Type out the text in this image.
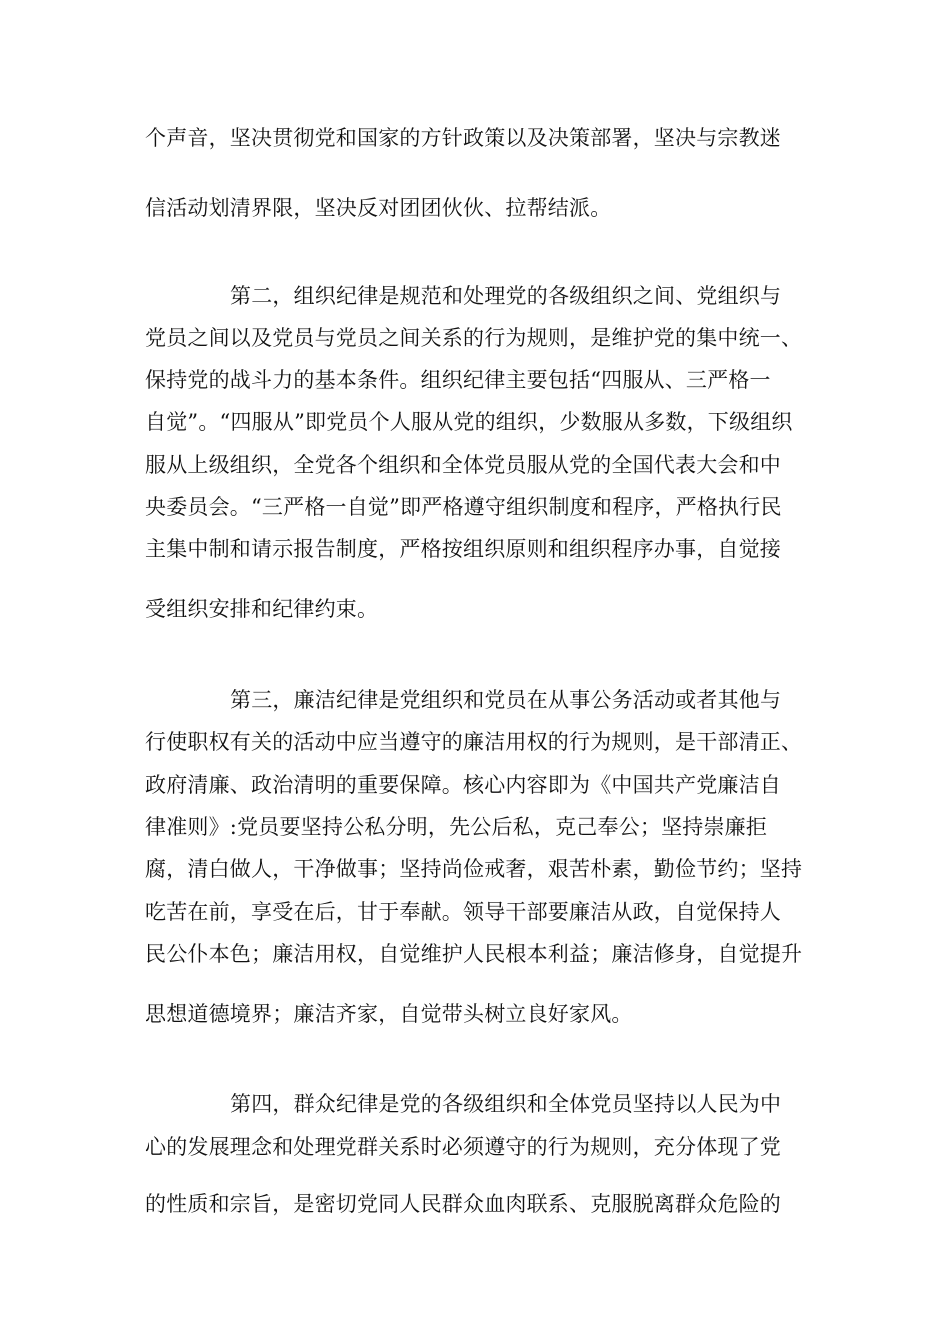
个声音，坚决贯彻党和国家的方针政策以及决策部署，坚决与宗教迷
信活动划清界限，坚决反对团团伙伙、拉帮结派。
第二，组织纪律是规范和处理党的各级组织之间、党组织与
党员之间以及党员与党员之间关系的行为规则，是维护党的集中统一、
保持党的战斗力的基本条件。组织纪律主要包括“四服从、三严格一
自觉”。“四服从”即党员个人服从党的组织，少数服从多数，下级组织
服从上级组织，全党各个组织和全体党员服从党的全国代表大会和中
央委员会。“三严格一自觉”即严格遵守组织制度和程序，严格执行民
主集中制和请示报告制度，严格按组织原则和组织程序办事，自觉接
受组织安排和纪律约束。
第三，廉洁纪律是党组织和党员在从事公务活动或者其他与
行使职权有关的活动中应当遵守的廉洁用权的行为规则，是干部清正、
政府清廉、政治清明的重要保障。核心内容即为《中国共产党廉洁自
律准则》:党员要坚持公私分明，先公后私，克己奉公；坚持崇廉拒
腐，清白做人，干净做事；坚持尚俭戒奢，艰苦朴素，勤俭节约；坚持
吃苦在前，享受在后，甘于奉献。领导干部要廉洁从政，自觉保持人
民公仆本色；廉洁用权，自觉维护人民根本利益；廉洁修身，自觉提升
思想道德境界；廉洁齐家，自觉带头树立良好家风。
第四，群众纪律是党的各级组织和全体党员坚持以人民为中
心的发展理念和处理党群关系时必须遵守的行为规则，充分体现了党
的性质和宗旨，是密切党同人民群众血肉联系、克服脱离群众危险的
